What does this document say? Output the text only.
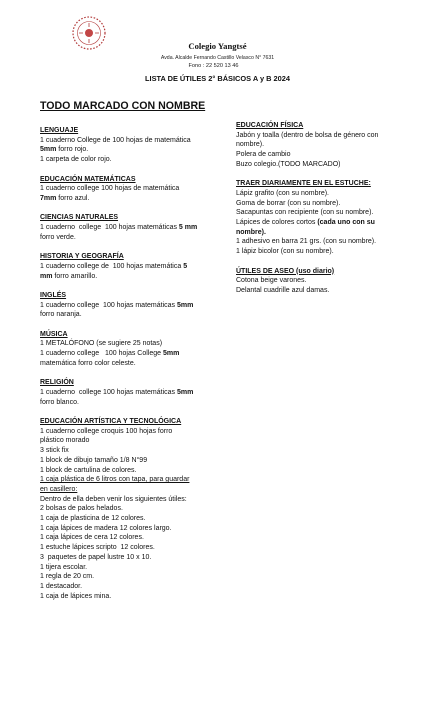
Colegio Yangtsé
Avda. Alcalde Fernando Castillo Velasco N° 7631
Fono : 22 520 13 46
LISTA DE ÚTILES 2° BÁSICOS A y B 2024
TODO MARCADO CON NOMBRE
LENGUAJE
1 cuaderno College de 100 hojas de matemática
5mm forro rojo.
1 carpeta de color rojo.
EDUCACIÓN MATEMÁTICAS
1 cuaderno college 100 hojas de matemática
7mm forro azul.
CIENCIAS NATURALES
1 cuaderno  college  100 hojas matemáticas 5 mm
forro verde.
HISTORIA Y GEOGRAFÍA
1 cuaderno college de  100 hojas matemática 5
mm forro amarillo.
INGLÉS
1 cuaderno college  100 hojas matemáticas 5mm
forro naranja.
MÚSICA
1 METALÓFONO (se sugiere 25 notas)
1 cuaderno college   100 hojas College 5mm
matemática forro color celeste.
RELIGIÓN
1 cuaderno  college 100 hojas matemáticas 5mm
forro blanco.
EDUCACIÓN ARTÍSTICA Y TECNOLÓGICA
1 cuaderno college croquis 100 hojas forro
plástico morado
3 stick fix
1 block de dibujo tamaño 1/8 N°99
1 block de cartulina de colores.
1 caja plástica de 6 litros con tapa, para guardar
en casillero:
Dentro de ella deben venir los siguientes útiles:
2 bolsas de palos helados.
1 caja de plasticina de 12 colores.
1 caja lápices de madera 12 colores largo.
1 caja lápices de cera 12 colores.
1 estuche lápices scripto  12 colores.
3  paquetes de papel lustre 10 x 10.
1 tijera escolar.
1 regla de 20 cm.
1 destacador.
1 caja de lápices mina.
EDUCACIÓN FÍSICA
Jabón y toalla (dentro de bolsa de género con
nombre).
Polera de cambio
Buzo colegio.(TODO MARCADO)
TRAER DIARIAMENTE EN EL ESTUCHE:
Lápiz grafito (con su nombre).
Goma de borrar (con su nombre).
Sacapuntas con recipiente (con su nombre).
Lápices de colores cortos (cada uno con su
nombre).
1 adhesivo en barra 21 grs. (con su nombre).
1 lápiz bicolor (con su nombre).
ÚTILES DE ASEO (uso diario)
Cotona beige varones.
Delantal cuadrille azul damas.
